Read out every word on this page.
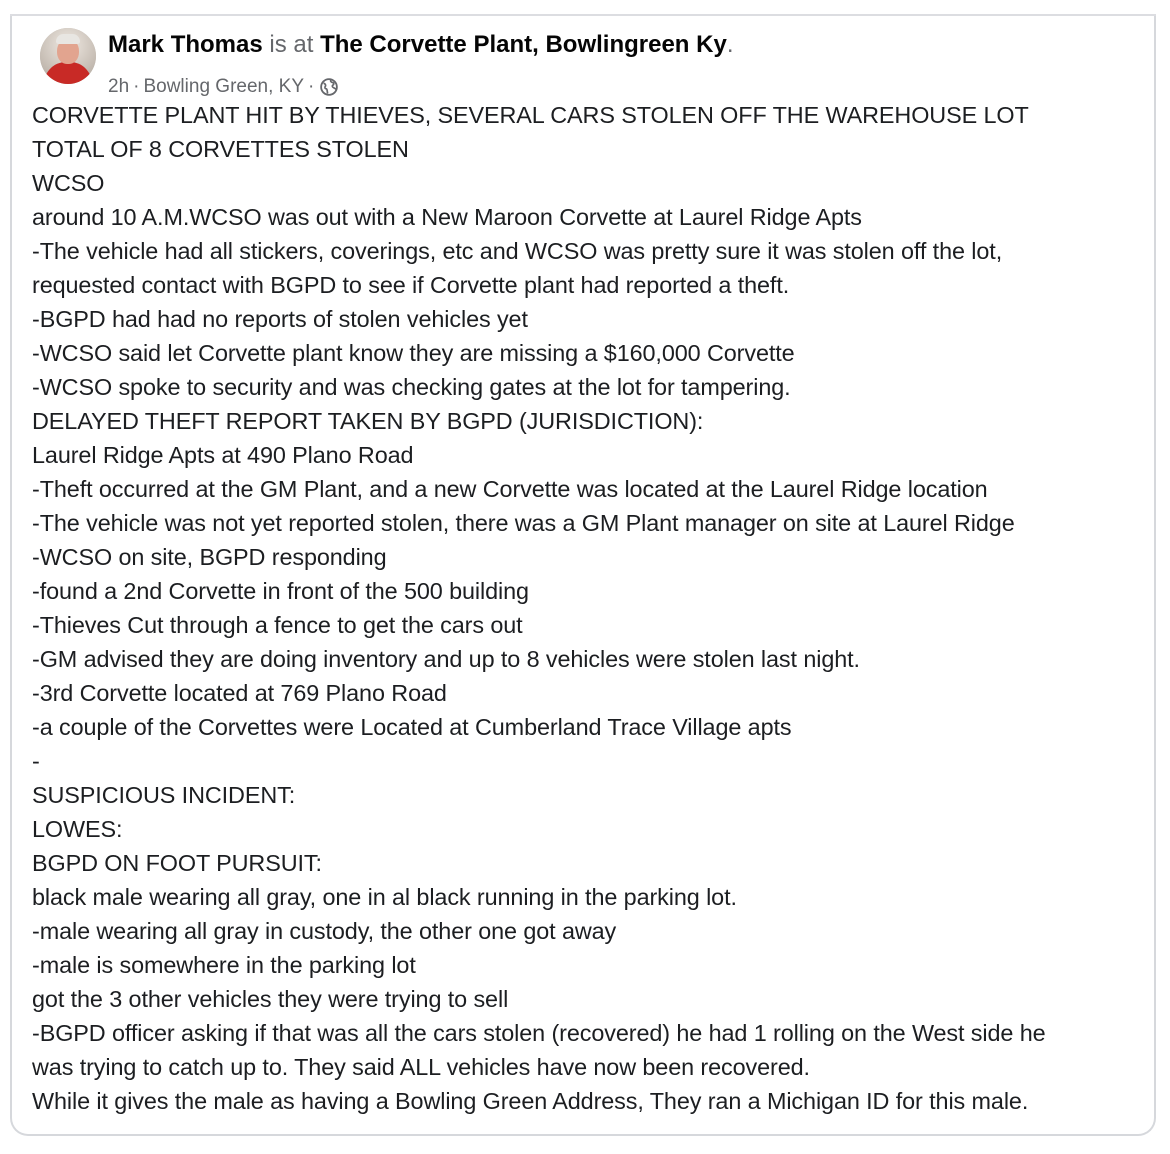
Mark Thomas is at The Corvette Plant, Bowlingreen Ky.
2h · Bowling Green, KY ·
CORVETTE PLANT HIT BY THIEVES, SEVERAL CARS STOLEN OFF THE WAREHOUSE LOT
TOTAL OF 8 CORVETTES STOLEN
WCSO
around 10 A.M.WCSO was out with a New Maroon Corvette at Laurel Ridge Apts
-The vehicle had all stickers, coverings, etc and WCSO was pretty sure it was stolen off the lot,
requested contact with BGPD to see if Corvette plant had reported a theft.
-BGPD had had no reports of stolen vehicles yet
-WCSO said let Corvette plant know they are missing a $160,000 Corvette
-WCSO spoke to security and was checking gates at the lot for tampering.
DELAYED THEFT REPORT TAKEN BY BGPD (JURISDICTION):
Laurel Ridge Apts at 490 Plano Road
-Theft occurred at the GM Plant, and a new Corvette was located at the Laurel Ridge location
-The vehicle was not yet reported stolen, there was a GM Plant manager on site at Laurel Ridge
-WCSO on site, BGPD responding
-found a 2nd Corvette in front of the 500 building
-Thieves Cut through a fence to get the cars out
-GM advised they are doing inventory and up to 8 vehicles were stolen last night.
-3rd Corvette located at 769 Plano Road
-a couple of the Corvettes were Located at Cumberland Trace Village apts
-
SUSPICIOUS INCIDENT:
LOWES:
BGPD ON FOOT PURSUIT:
black male wearing all gray, one in al black running in the parking lot.
-male wearing all gray in custody, the other one got away
-male is somewhere in the parking lot
got the 3 other vehicles they were trying to sell
-BGPD officer asking if that was all the cars stolen (recovered) he had 1 rolling on the West side he
was trying to catch up to. They said ALL vehicles have now been recovered.
While it gives the male as having a Bowling Green Address, They ran a Michigan ID for this male.
